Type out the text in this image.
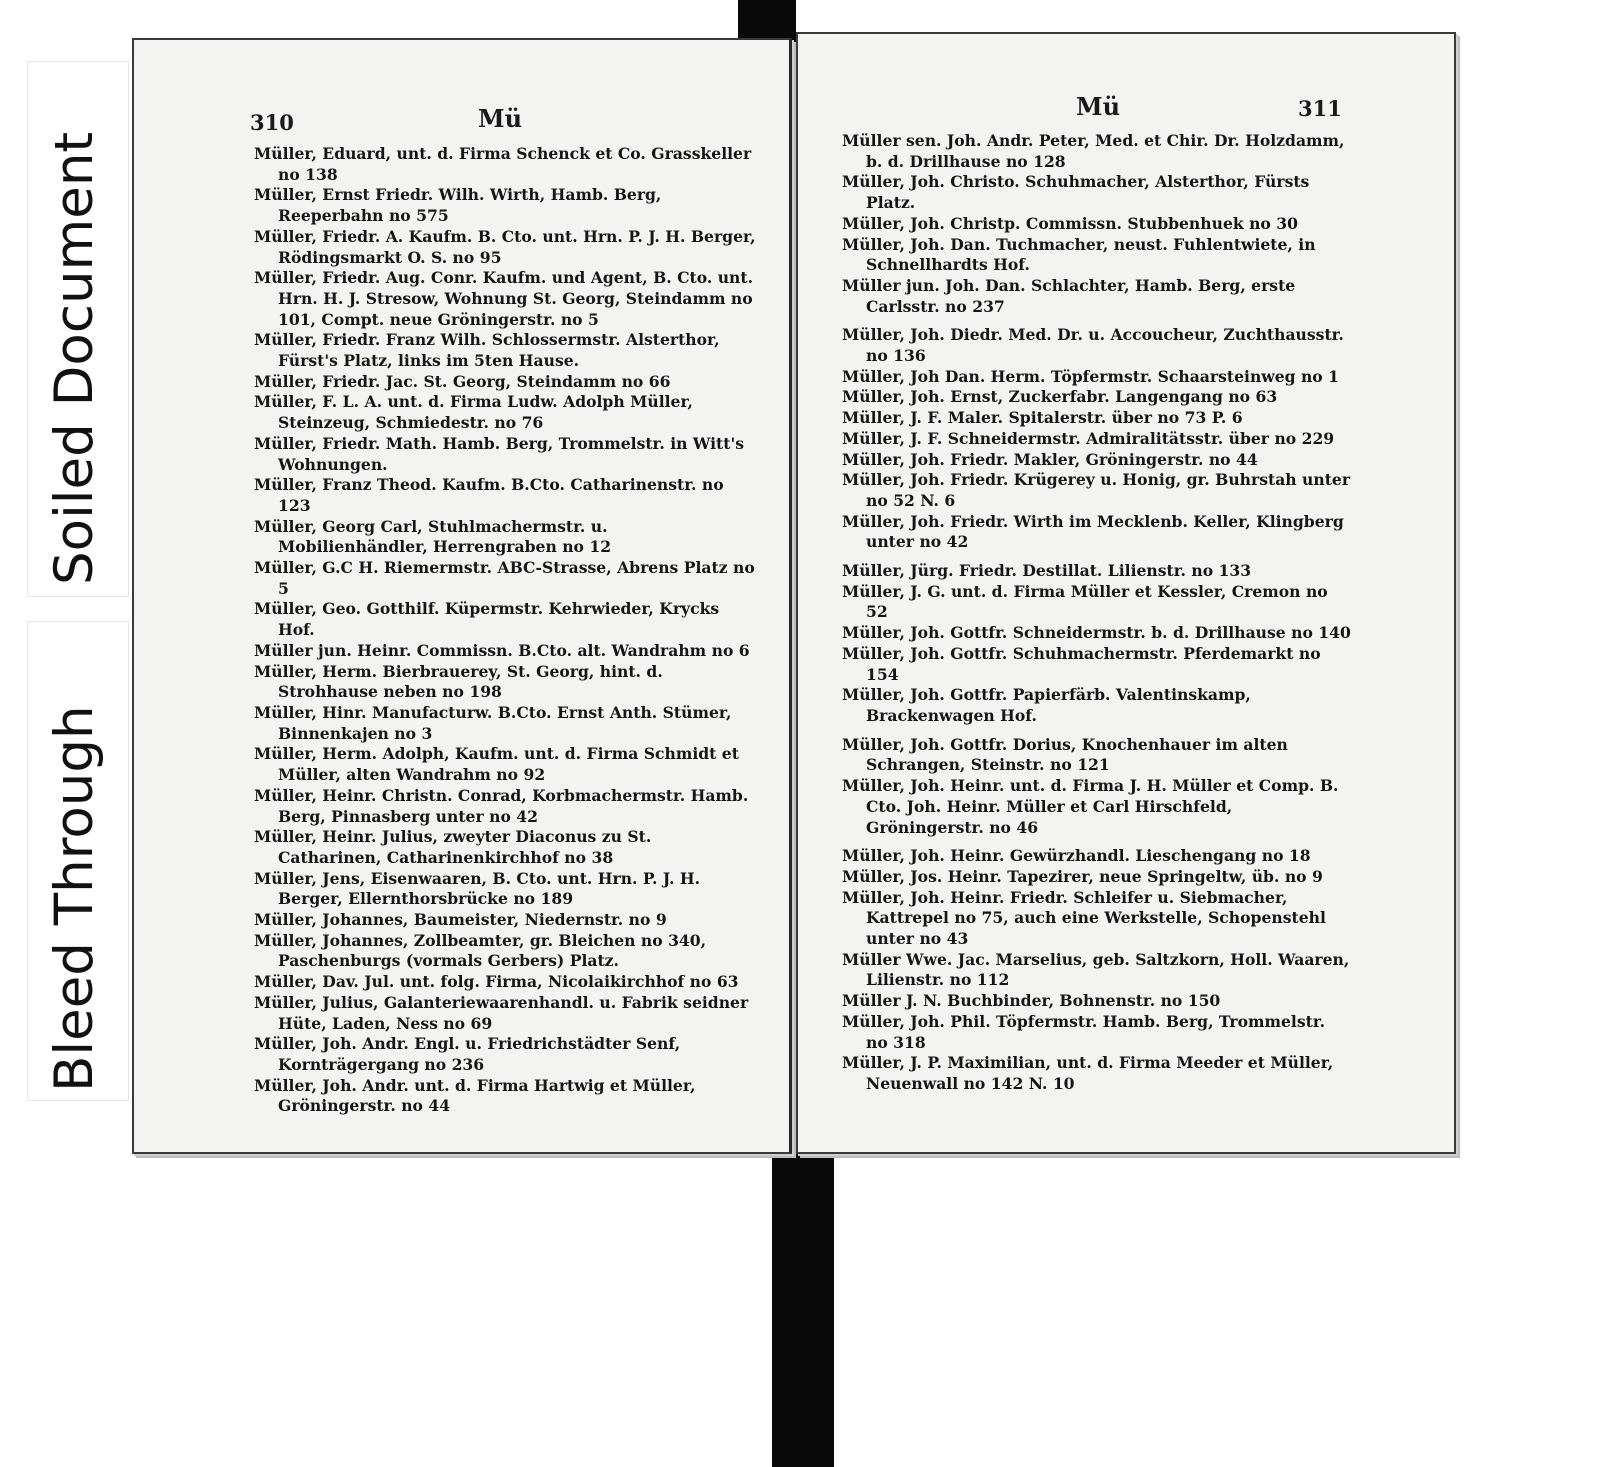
Soiled Document
Bleed Through
310	Mü

Müller, Eduard, unt. d. Firma Schenck et Co. Grasskeller no 138

Müller, Ernst Friedr. Wilh. Wirth, Hamb. Berg, Reeperbahn no 575

Müller, Friedr. A. Kaufm. B. Cto. unt. Hrn. P. J. H. Berger, Rödingsmarkt O. S. no 95

Müller, Friedr. Aug. Conr. Kaufm. und Agent, B. Cto. unt. Hrn. H. J. Stresow, Wohnung St. Georg, Steindamm no 101, Compt. neue Gröningerstr. no 5

Müller, Friedr. Franz Wilh. Schlossermstr. Alsterthor, Fürst's Platz, links im 5ten Hause.

Müller, Friedr. Jac. St. Georg, Steindamm no 66

Müller, F. L. A. unt. d. Firma Ludw. Adolph Müller, Steinzeug, Schmiedestr. no 76

Müller, Friedr. Math. Hamb. Berg, Trommelstr. in Witt's Wohnungen.

Müller, Franz Theod. Kaufm. B.Cto. Catharinenstr. no 123

Müller, Georg Carl, Stuhlmachermstr. u. Mobilienhändler, Herrengraben no 12

Müller, G.C H. Riemermstr. ABC-Strasse, Abrens Platz no 5

Müller, Geo. Gotthilf. Küpermstr. Kehrwieder, Krycks Hof.

Müller jun. Heinr. Commissn. B.Cto. alt. Wandrahm no 6

Müller, Herm. Bierbrauerey, St. Georg, hint. d. Strohhause neben no 198

Müller, Hinr. Manufacturw. B.Cto. Ernst Anth. Stümer, Binnenkajen no 3

Müller, Herm. Adolph, Kaufm. unt. d. Firma Schmidt et Müller, alten Wandrahm no 92

Müller, Heinr. Christn. Conrad, Korbmachermstr. Hamb. Berg, Pinnasberg unter no 42

Müller, Heinr. Julius, zweyter Diaconus zu St. Catharinen, Catharinenkirchhof no 38

Müller, Jens, Eisenwaaren, B. Cto. unt. Hrn. P. J. H. Berger, Ellernthorsbrücke no 189

Müller, Johannes, Baumeister, Niedernstr. no 9

Müller, Johannes, Zollbeamter, gr. Bleichen no 340, Paschenburgs (vormals Gerbers) Platz.

Müller, Dav. Jul. unt. folg. Firma, Nicolaikirchhof no 63

Müller, Julius, Galanteriewaarenhandl. u. Fabrik seidner Hüte, Laden, Ness no 69

Müller, Joh. Andr. Engl. u. Friedrichstädter Senf, Kornträgergang no 236

Müller, Joh. Andr. unt. d. Firma Hartwig et Müller, Gröningerstr. no 44

311
Mü

Müller sen. Joh. Andr. Peter, Med. et Chir. Dr. Holzdamm, b. d. Drillhause no 128

Müller, Joh. Christo. Schuhmacher, Alsterthor, Fürsts Platz.

Müller, Joh. Christp. Commissn. Stubbenhuek no 30

Müller, Joh. Dan. Tuchmacher, neust. Fuhlentwiete, in Schnellhardts Hof.

Müller jun. Joh. Dan. Schlachter, Hamb. Berg, erste Carlsstr. no 237

Müller, Joh. Diedr. Med. Dr. u. Accoucheur, Zuchthausstr. no 136

Müller, Joh Dan. Herm. Töpfermstr. Schaarsteinweg no 1

Müller, Joh. Ernst, Zuckerfabr. Langengang no 63

Müller, J. F. Maler. Spitalerstr. über no 73 P. 6

Müller, J. F. Schneidermstr. Admiralitätsstr. über no 229

Müller, Joh. Friedr. Makler, Gröningerstr. no 44

Müller, Joh. Friedr. Krügerey u. Honig, gr. Buhrstah unter no 52 N. 6

Müller, Joh. Friedr. Wirth im Mecklenb. Keller, Klingberg unter no 42

Müller, Jürg. Friedr. Destillat. Lilienstr. no 133

Müller, J. G. unt. d. Firma Müller et Kessler, Cremon no 52

Müller, Joh. Gottfr. Schneidermstr. b. d. Drillhause no 140

Müller, Joh. Gottfr. Schuhmachermstr. Pferdemarkt no 154

Müller, Joh. Gottfr. Papierfärb. Valentinskamp, Brackenwagen Hof.

Müller, Joh. Gottfr. Dorius, Knochenhauer im alten Schrangen, Steinstr. no 121

Müller, Joh. Heinr. unt. d. Firma J. H. Müller et Comp. B. Cto. Joh. Heinr. Müller et Carl Hirschfeld, Gröningerstr. no 46

Müller, Joh. Heinr. Gewürzhandl. Lieschengang no 18

Müller, Jos. Heinr. Tapezirer, neue Springeltw, üb. no 9

Müller, Joh. Heinr. Friedr. Schleifer u. Siebmacher, Kattrepel no 75, auch eine Werkstelle, Schopenstehl unter no 43

Müller Wwe. Jac. Marselius, geb. Saltzkorn, Holl. Waaren, Lilienstr. no 112

Müller J. N. Buchbinder, Bohnenstr. no 150

Müller, Joh. Phil. Töpfermstr. Hamb. Berg, Trommelstr. no 318

Müller, J. P. Maximilian, unt. d. Firma Meeder et Müller, Neuenwall no 142 N. 10
